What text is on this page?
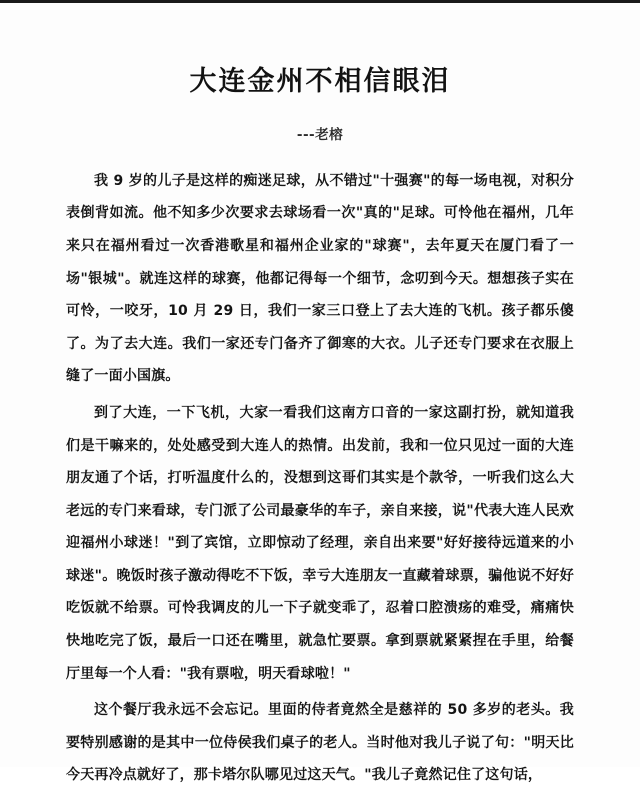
大连金州不相信眼泪
---老榕

我 9 岁的儿子是这样的痴迷足球，从不错过"十强赛"的每一场电视，对积分表倒背如流。他不知多少次要求去球场看一次"真的"足球。可怜他在福州，几年来只在福州看过一次香港歌星和福州企业家的"球赛"，去年夏天在厦门看了一场"银城"。就连这样的球赛，他都记得每一个细节，念叨到今天。想想孩子实在可怜，一咬牙，10 月 29 日，我们一家三口登上了去大连的飞机。孩子都乐傻了。为了去大连。我们一家还专门备齐了御寒的大衣。儿子还专门要求在衣服上缝了一面小国旗。

到了大连，一下飞机，大家一看我们这南方口音的一家这副打扮，就知道我们是干嘛来的，处处感受到大连人的热情。出发前，我和一位只见过一面的大连朋友通了个话，打听温度什么的，没想到这哥们其实是个款爷，一听我们这么大老远的专门来看球，专门派了公司最豪华的车子，亲自来接，说"代表大连人民欢迎福州小球迷！"到了宾馆，立即惊动了经理，亲自出来要"好好接待远道来的小球迷"。晚饭时孩子激动得吃不下饭，幸亏大连朋友一直藏着球票，骗他说不好好吃饭就不给票。可怜我调皮的儿一下子就变乖了，忍着口腔溃疡的难受，痛痛快快地吃完了饭，最后一口还在嘴里，就急忙要票。拿到票就紧紧捏在手里，给餐厅里每一个人看："我有票啦，明天看球啦！"

这个餐厅我永远不会忘记。里面的侍者竟然全是慈祥的 50 多岁的老头。我要特别感谢的是其中一位侍侯我们桌子的老人。当时他对我儿子说了句："明天比今天再冷点就好了，那卡塔尔队哪见过这天气。"我儿子竟然记住了这句话，
